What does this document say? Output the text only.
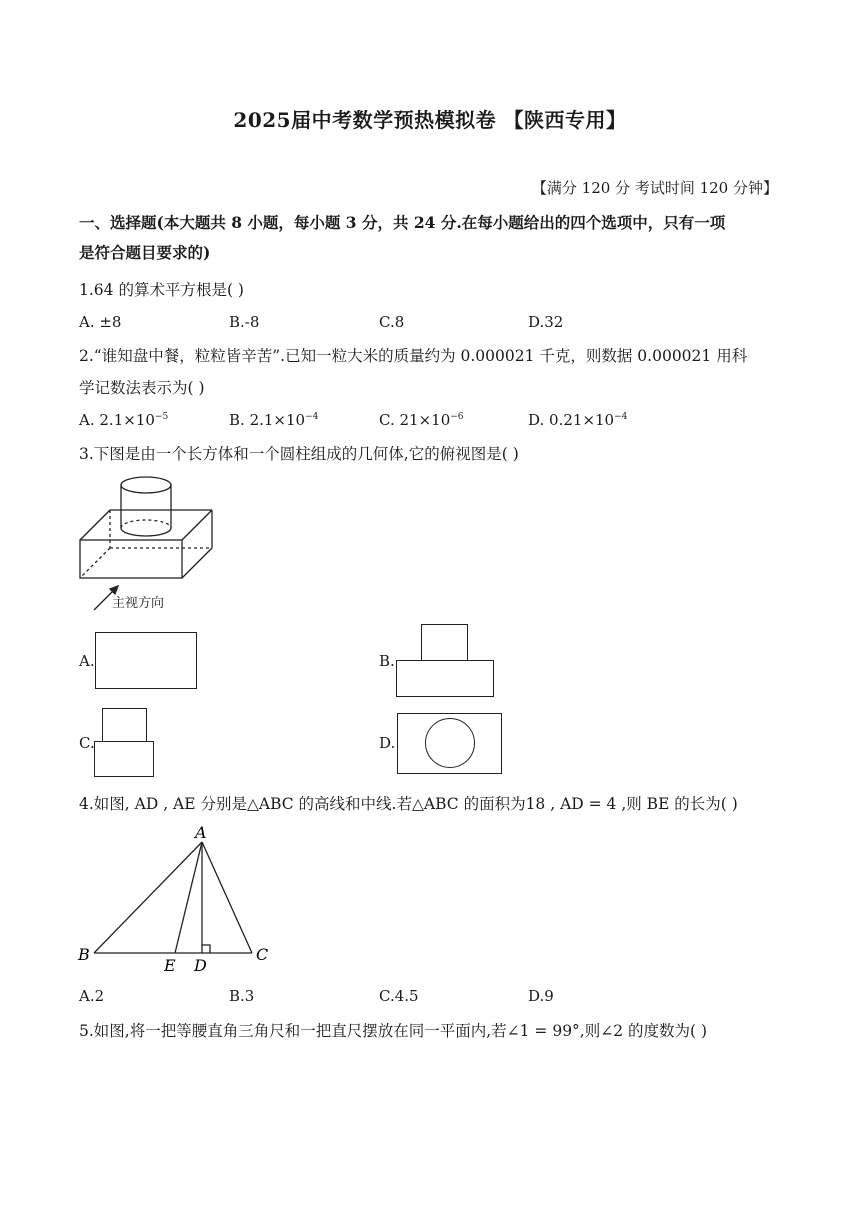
2025届中考数学预热模拟卷 【陕西专用】
【满分 120 分 考试时间 120 分钟】
一、选择题(本大题共 8 小题，每小题 3 分，共 24 分.在每小题给出的四个选项中，只有一项
是符合题目要求的)
1.64 的算术平方根是( )
A. ±8	B.-8	C.8	D.32
2.“谁知盘中餐，粒粒皆辛苦”.已知一粒大米的质量约为 0.000021 千克，则数据 0.000021 用科
学记数法表示为( )
A. $2.1\times 10^{-5}$	B. $2.1\times 10^{-4}$	C. $21\times 10^{-6}$	D. $0.21\times 10^{-4}$
3.下图是由一个长方体和一个圆柱组成的几何体,它的俯视图是( )
主视方向
A.	B.
C.	D.
4.如图, AD , AE 分别是△ABC 的高线和中线.若△ABC 的面积为18 , AD = 4 ,则 BE 的长为( )
A
B	C
D
E
A.2	B.3	C.4.5	D.9
5.如图,将一把等腰直角三角尺和一把直尺摆放在同一平面内,若∠1 = 99°,则∠2 的度数为( )
